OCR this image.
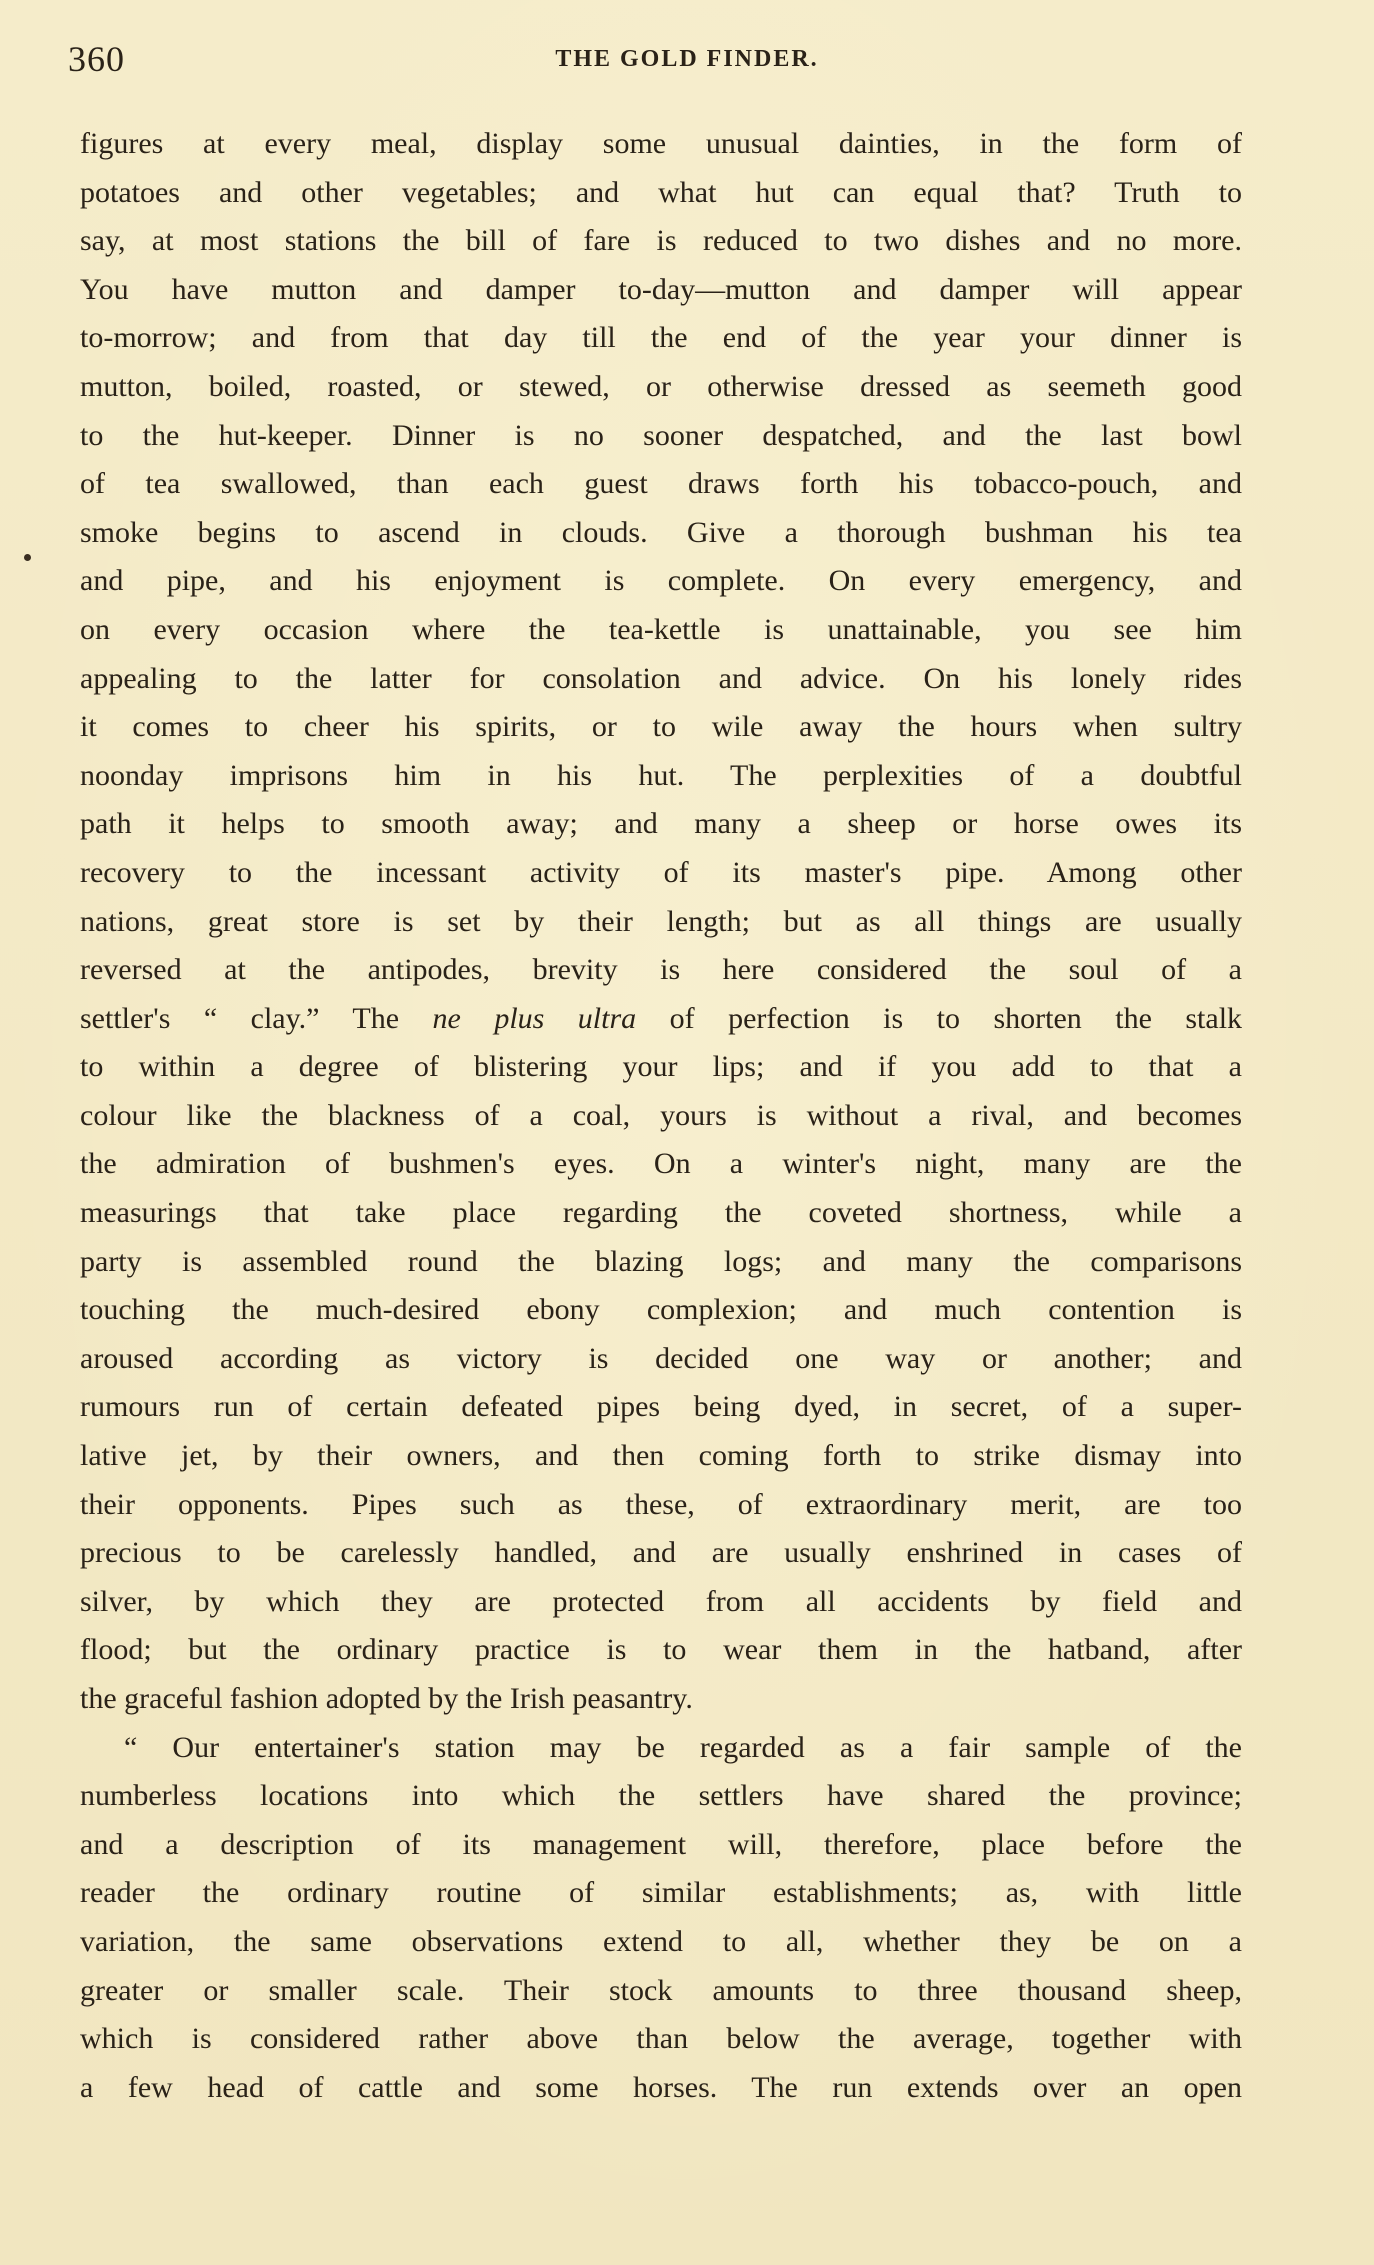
360	THE GOLD FINDER.
figures at every meal, display some unusual dainties, in the form of
potatoes and other vegetables; and what hut can equal that? Truth to
say, at most stations the bill of fare is reduced to two dishes and no more.
You have mutton and damper to-day—mutton and damper will appear
to-morrow; and from that day till the end of the year your dinner is
mutton, boiled, roasted, or stewed, or otherwise dressed as seemeth good
to the hut-keeper. Dinner is no sooner despatched, and the last bowl
of tea swallowed, than each guest draws forth his tobacco-pouch, and
smoke begins to ascend in clouds. Give a thorough bushman his tea
and pipe, and his enjoyment is complete. On every emergency, and
on every occasion where the tea-kettle is unattainable, you see him
appealing to the latter for consolation and advice. On his lonely rides
it comes to cheer his spirits, or to wile away the hours when sultry
noonday imprisons him in his hut. The perplexities of a doubtful
path it helps to smooth away; and many a sheep or horse owes its
recovery to the incessant activity of its master's pipe. Among other
nations, great store is set by their length; but as all things are usually
reversed at the antipodes, brevity is here considered the soul of a
settler's “ clay.” The ne plus ultra of perfection is to shorten the stalk
to within a degree of blistering your lips; and if you add to that a
colour like the blackness of a coal, yours is without a rival, and becomes
the admiration of bushmen's eyes. On a winter's night, many are the
measurings that take place regarding the coveted shortness, while a
party is assembled round the blazing logs; and many the comparisons
touching the much-desired ebony complexion; and much contention is
aroused according as victory is decided one way or another; and
rumours run of certain defeated pipes being dyed, in secret, of a super-
lative jet, by their owners, and then coming forth to strike dismay into
their opponents. Pipes such as these, of extraordinary merit, are too
precious to be carelessly handled, and are usually enshrined in cases of
silver, by which they are protected from all accidents by field and
flood; but the ordinary practice is to wear them in the hatband, after
the graceful fashion adopted by the Irish peasantry.
“ Our entertainer's station may be regarded as a fair sample of the
numberless locations into which the settlers have shared the province;
and a description of its management will, therefore, place before the
reader the ordinary routine of similar establishments; as, with little
variation, the same observations extend to all, whether they be on a
greater or smaller scale. Their stock amounts to three thousand sheep,
which is considered rather above than below the average, together with
a few head of cattle and some horses. The run extends over an open
